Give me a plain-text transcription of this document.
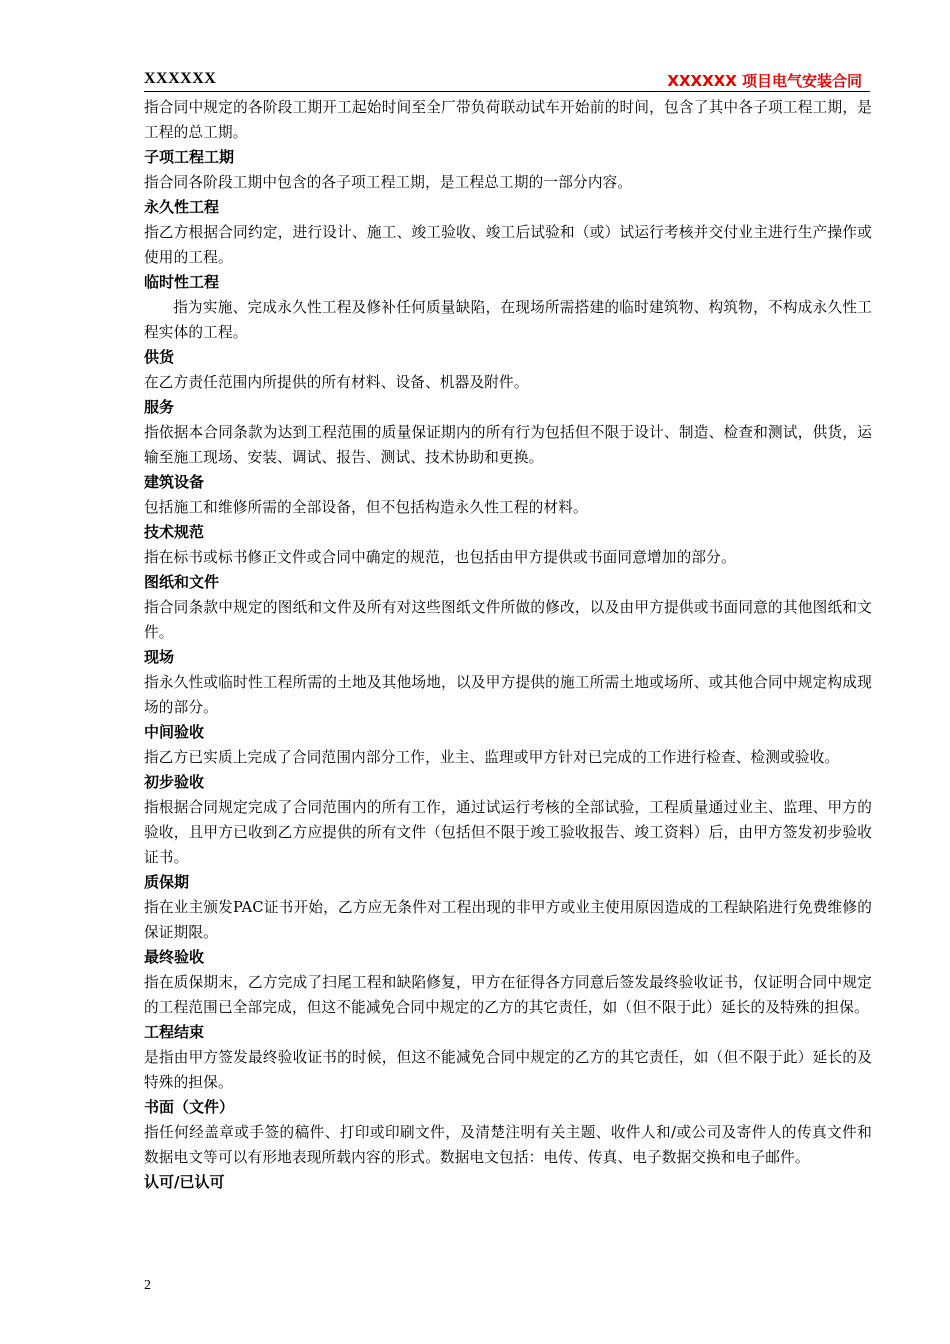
XXXXXX	XXXXXX 项目电气安装合同
指合同中规定的各阶段工期开工起始时间至全厂带负荷联动试车开始前的时间，包含了其中各子项工程工期，是工程的总工期。
子项工程工期
指合同各阶段工期中包含的各子项工程工期，是工程总工期的一部分内容。
永久性工程
指乙方根据合同约定，进行设计、施工、竣工验收、竣工后试验和（或）试运行考核并交付业主进行生产操作或使用的工程。
临时性工程
指为实施、完成永久性工程及修补任何质量缺陷，在现场所需搭建的临时建筑物、构筑物，不构成永久性工程实体的工程。
供货
在乙方责任范围内所提供的所有材料、设备、机器及附件。
服务
指依据本合同条款为达到工程范围的质量保证期内的所有行为包括但不限于设计、制造、检查和测试，供货，运输至施工现场、安装、调试、报告、测试、技术协助和更换。
建筑设备
包括施工和维修所需的全部设备，但不包括构造永久性工程的材料。
技术规范
指在标书或标书修正文件或合同中确定的规范，也包括由甲方提供或书面同意增加的部分。
图纸和文件
指合同条款中规定的图纸和文件及所有对这些图纸文件所做的修改，以及由甲方提供或书面同意的其他图纸和文件。
现场
指永久性或临时性工程所需的土地及其他场地，以及甲方提供的施工所需土地或场所、或其他合同中规定构成现场的部分。
中间验收
指乙方已实质上完成了合同范围内部分工作，业主、监理或甲方针对已完成的工作进行检查、检测或验收。
初步验收
指根据合同规定完成了合同范围内的所有工作，通过试运行考核的全部试验，工程质量通过业主、监理、甲方的验收，且甲方已收到乙方应提供的所有文件（包括但不限于竣工验收报告、竣工资料）后，由甲方签发初步验收证书。
质保期
指在业主颁发PAC证书开始，乙方应无条件对工程出现的非甲方或业主使用原因造成的工程缺陷进行免费维修的保证期限。
最终验收
指在质保期末，乙方完成了扫尾工程和缺陷修复，甲方在征得各方同意后签发最终验收证书，仅证明合同中规定的工程范围已全部完成，但这不能减免合同中规定的乙方的其它责任，如（但不限于此）延长的及特殊的担保。
工程结束
是指由甲方签发最终验收证书的时候，但这不能减免合同中规定的乙方的其它责任，如（但不限于此）延长的及特殊的担保。
书面（文件）
指任何经盖章或手签的稿件、打印或印刷文件，及清楚注明有关主题、收件人和/或公司及寄件人的传真文件和数据电文等可以有形地表现所载内容的形式。数据电文包括：电传、传真、电子数据交换和电子邮件。
认可/已认可
2
